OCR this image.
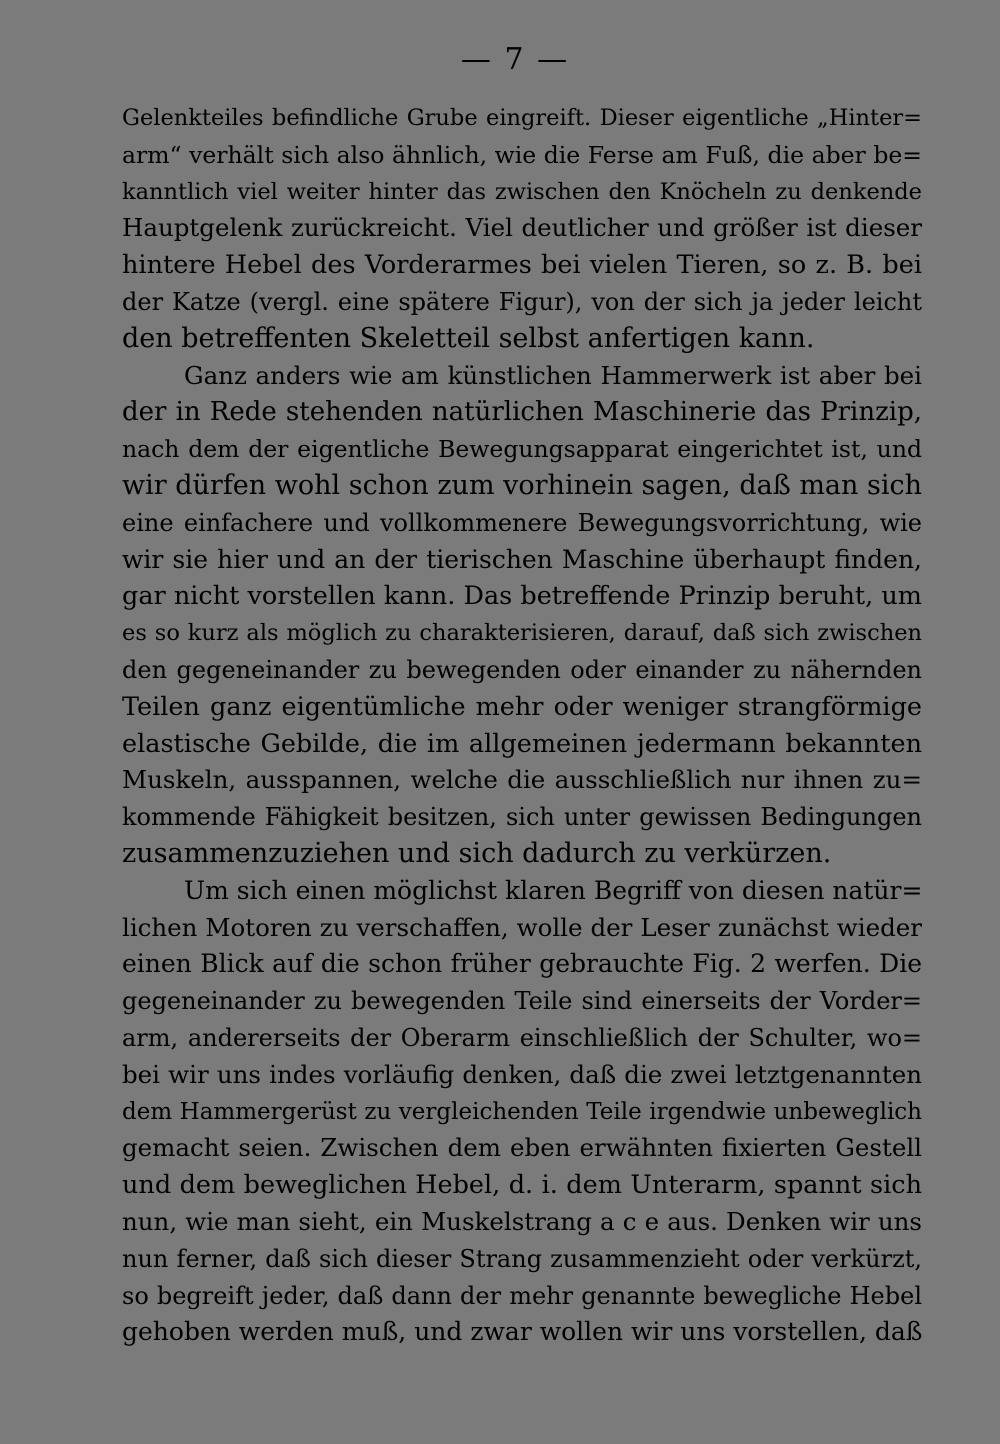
— 7 —
Gelenkteiles befindliche Grube eingreift. Dieser eigentliche „Hinter=
arm“ verhält sich also ähnlich, wie die Ferse am Fuß, die aber be=
kanntlich viel weiter hinter das zwischen den Knöcheln zu denkende
Hauptgelenk zurückreicht. Viel deutlicher und größer ist dieser
hintere Hebel des Vorderarmes bei vielen Tieren, so z. B. bei
der Katze (vergl. eine spätere Figur), von der sich ja jeder leicht
den betreffenten Skeletteil selbst anfertigen kann.
Ganz anders wie am künstlichen Hammerwerk ist aber bei
der in Rede stehenden natürlichen Maschinerie das Prinzip,
nach dem der eigentliche Bewegungsapparat eingerichtet ist, und
wir dürfen wohl schon zum vorhinein sagen, daß man sich
eine einfachere und vollkommenere Bewegungsvorrichtung, wie
wir sie hier und an der tierischen Maschine überhaupt finden,
gar nicht vorstellen kann. Das betreffende Prinzip beruht, um
es so kurz als möglich zu charakterisieren, darauf, daß sich zwischen
den gegeneinander zu bewegenden oder einander zu nähernden
Teilen ganz eigentümliche mehr oder weniger strangförmige
elastische Gebilde, die im allgemeinen jedermann bekannten
Muskeln, ausspannen, welche die ausschließlich nur ihnen zu=
kommende Fähigkeit besitzen, sich unter gewissen Bedingungen
zusammenzuziehen und sich dadurch zu verkürzen.
Um sich einen möglichst klaren Begriff von diesen natür=
lichen Motoren zu verschaffen, wolle der Leser zunächst wieder
einen Blick auf die schon früher gebrauchte Fig. 2 werfen. Die
gegeneinander zu bewegenden Teile sind einerseits der Vorder=
arm, andererseits der Oberarm einschließlich der Schulter, wo=
bei wir uns indes vorläufig denken, daß die zwei letztgenannten
dem Hammergerüst zu vergleichenden Teile irgendwie unbeweglich
gemacht seien. Zwischen dem eben erwähnten fixierten Gestell
und dem beweglichen Hebel, d. i. dem Unterarm, spannt sich
nun, wie man sieht, ein Muskelstrang a c e aus. Denken wir uns
nun ferner, daß sich dieser Strang zusammenzieht oder verkürzt,
so begreift jeder, daß dann der mehr genannte bewegliche Hebel
gehoben werden muß, und zwar wollen wir uns vorstellen, daß
